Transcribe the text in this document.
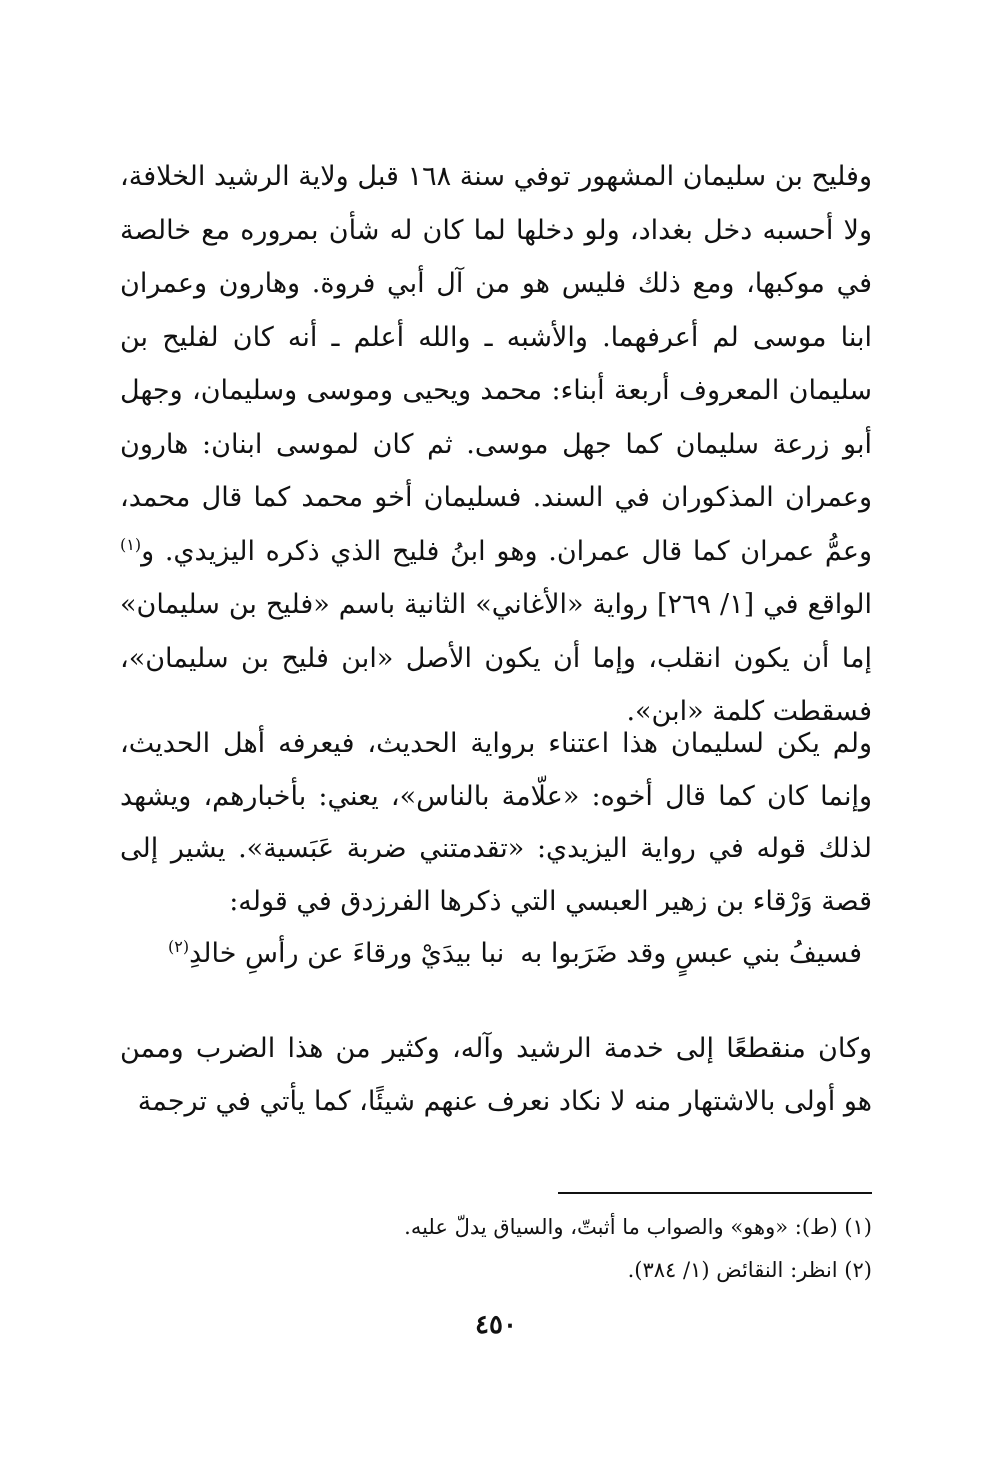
وفليح بن سليمان المشهور توفي سنة ١٦٨ قبل ولاية الرشيد الخلافة، ولا أحسبه دخل بغداد، ولو دخلها لما كان له شأن بمروره مع خالصة في موكبها، ومع ذلك فليس هو من آل أبي فروة. وهارون وعمران ابنا موسى لم أعرفهما. والأشبه ـ والله أعلم ـ أنه كان لفليح بن سليمان المعروف أربعة أبناء: محمد ويحيى وموسى وسليمان، وجهل أبو زرعة سليمان كما جهل موسى. ثم كان لموسى ابنان: هارون وعمران المذكوران في السند. فسليمان أخو محمد كما قال محمد، وعمُّ عمران كما قال عمران. وهو ابنُ فليح الذي ذكره اليزيدي. و$^{(١)}$ الواقع في [١/ ٢٦٩] رواية «الأغاني» الثانية باسم «فليح بن سليمان» إما أن يكون انقلب، وإما أن يكون الأصل «ابن فليح بن سليمان»، فسقطت كلمة «ابن».
ولم يكن لسليمان هذا اعتناء برواية الحديث، فيعرفه أهل الحديث، وإنما كان كما قال أخوه: «علّامة بالناس»، يعني: بأخبارهم، ويشهد لذلك قوله في رواية اليزيدي: «تقدمتني ضربة عَبَسية». يشير إلى قصة وَرْقاء بن زهير العبسي التي ذكرها الفرزدق في قوله:
فسيفُ بني عبسٍ وقد ضَرَبوا به
نبا بيدَيْ ورقاءَ عن رأسِ خالدِ$^{(٢)}$
وكان منقطعًا إلى خدمة الرشيد وآله، وكثير من هذا الضرب وممن هو أولى بالاشتهار منه لا نكاد نعرف عنهم شيئًا، كما يأتي في ترجمة
(١) (ط): «وهو» والصواب ما أثبتّ، والسياق يدلّ عليه.
(٢) انظر: النقائض (١/ ٣٨٤).
٤٥٠
